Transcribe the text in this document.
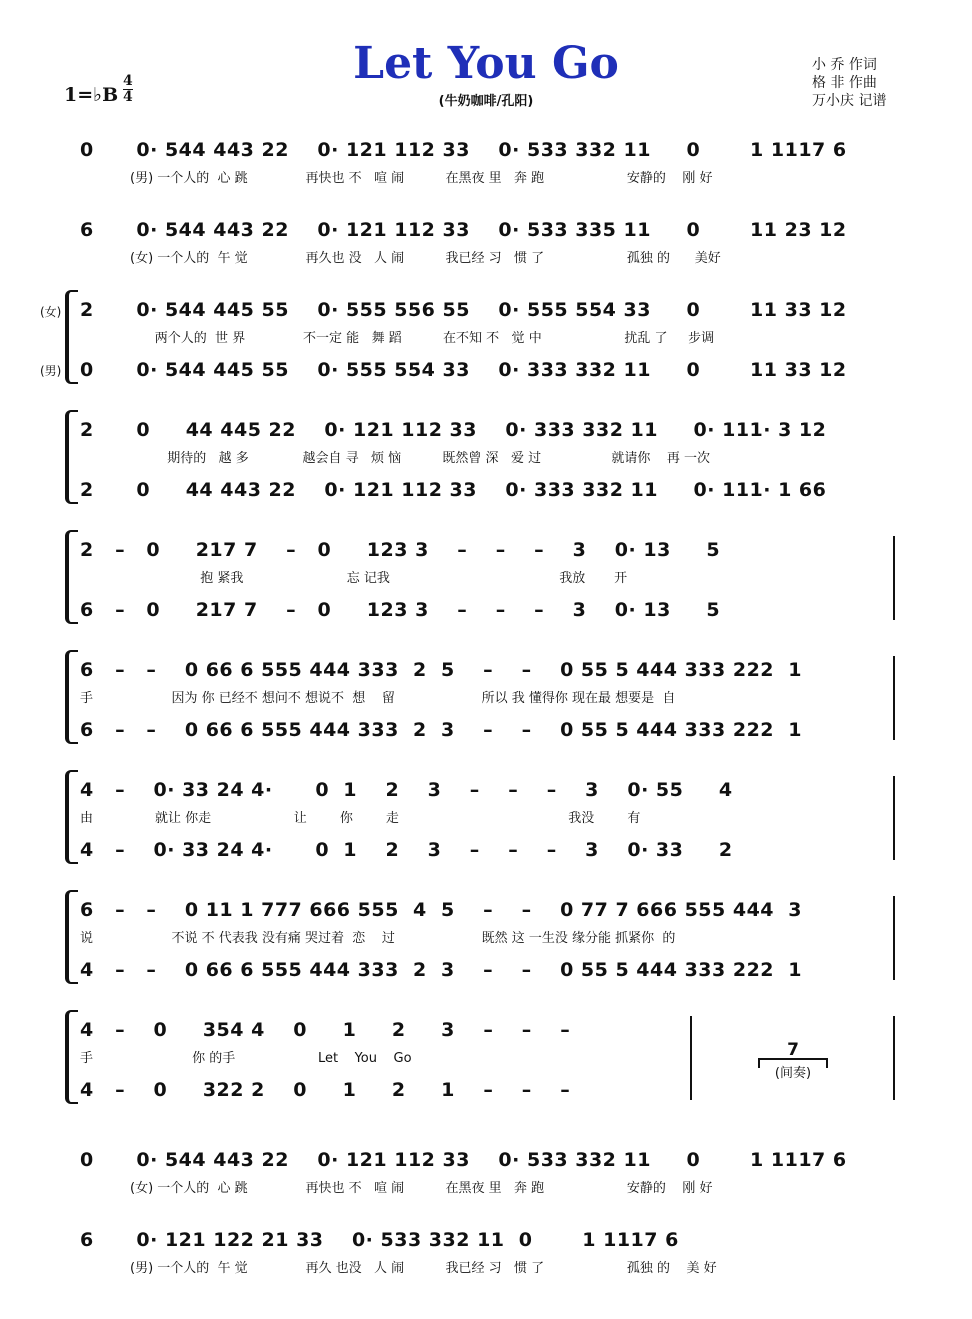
Let You Go
(牛奶咖啡/孔阳)
1=♭B
4
4
小 乔 作词
格 非 作曲
万小庆 记谱
0      0· 544 443 22    0· 121 112 33    0· 533 332 11     0       1 1117 6
(男) 一个人的  心 跳              再快也 不   喧 闹          在黑夜 里   奔 跑                    安静的    刚 好
6      0· 544 443 22    0· 121 112 33    0· 533 335 11     0       11 23 12
(女) 一个人的  午 觉              再久也 没   人 闹          我已经 习   惯 了                    孤独 的      美好
(女) 2      0· 544 445 55    0· 555 556 55    0· 555 554 33     0       11 33 12
两个人的  世 界              不一定 能   舞 蹈          在不知 不   觉 中                    扰乱 了     步调
(男) 0      0· 544 445 55    0· 555 554 33    0· 333 332 11     0       11 33 12
2      0     44 445 22    0· 121 112 33    0· 333 332 11     0· 111· 3 12
期待的   越 多             越会自 寻   烦 恼          既然曾 深   爱 过                 就请你    再 一次
2      0     44 443 22    0· 121 112 33    0· 333 332 11     0· 111· 1 66
2   –   0     217 7    –   0     123 3    –    –    –    3    0· 13     5
抱 紧我                         忘 记我                                         我放       开
6   –   0     217 7    –   0     123 3    –    –    –    3    0· 13     5
6   –   –    0 66 6 555 444 333  2  5    –    –    0 55 5 444 333 222  1
手                   因为 你 已经不 想问不 想说不  想    留                     所以 我 懂得你 现在最 想要是  自
6   –   –    0 66 6 555 444 333  2  3    –    –    0 55 5 444 333 222  1
4   –    0· 33 24 4·      0  1    2    3    –    –    –    3    0· 55     4
由               就让 你走                    让        你        走                                         我没        有
4   –    0· 33 24 4·      0  1    2    3    –    –    –    3    0· 33     2
6   –   –    0 11 1 777 666 555  4  5    –    –    0 77 7 666 555 444  3
说                   不说 不 代表我 没有痛 哭过着  恋    过                     既然 这 一生没 缘分能 抓紧你  的
4   –   –    0 66 6 555 444 333  2  3    –    –    0 55 5 444 333 222  1
4   –    0     354 4    0     1     2     3    –    –    –
手                        你 的手                    Let    You    Go
4   –    0     322 2    0     1     2     1    –    –    –
7
(间奏)
0      0· 544 443 22    0· 121 112 33    0· 533 332 11     0       1 1117 6
(女) 一个人的  心 跳              再快也 不   喧 闹          在黑夜 里   奔 跑                    安静的    刚 好
6      0· 121 122 21 33    0· 533 332 11  0       1 1117 6
(男) 一个人的  午 觉              再久 也没   人 闹          我已经 习   惯 了                    孤独 的    美 好
